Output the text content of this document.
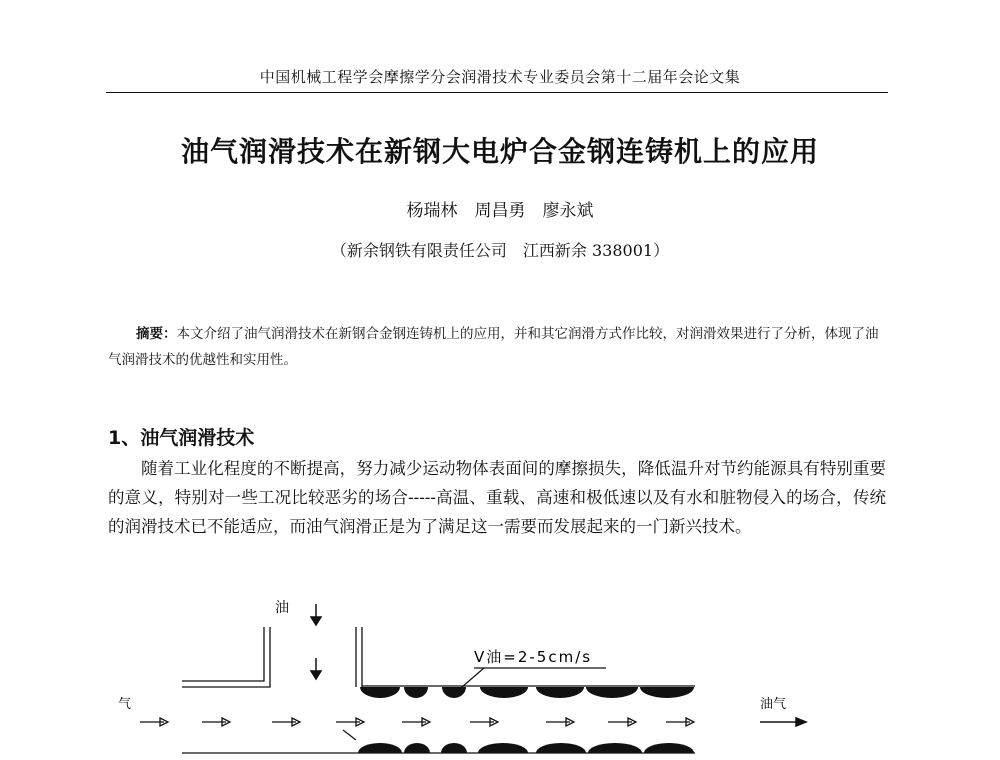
中国机械工程学会摩擦学分会润滑技术专业委员会第十二届年会论文集
油气润滑技术在新钢大电炉合金钢连铸机上的应用
杨瑞林　周昌勇　廖永斌
（新余钢铁有限责任公司　江西新余 338001）

摘要：本文介绍了油气润滑技术在新钢合金钢连铸机上的应用，并和其它润滑方式作比较，对润滑效果进行了分析，体现了油气润滑技术的优越性和实用性。

1、油气润滑技术

随着工业化程度的不断提高，努力减少运动物体表面间的摩擦损失，降低温升对节约能源具有特别重要的意义，特别对一些工况比较恶劣的场合-----高温、重载、高速和极低速以及有水和脏物侵入的场合，传统的润滑技术已不能适应，而油气润滑正是为了满足这一需要而发展起来的一门新兴技术。

油
V油=2-5cm/s
气	油气
